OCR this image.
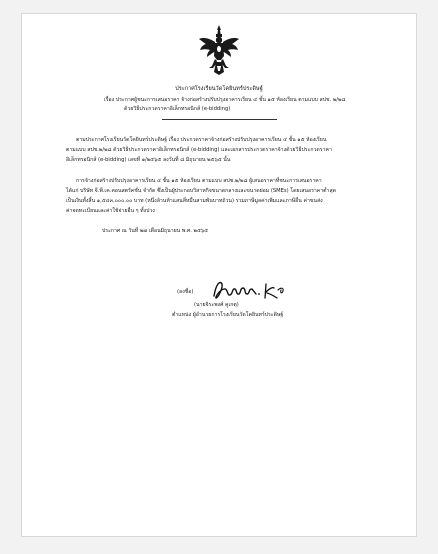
ประกาศโรงเรียนวัดโคยินทร์ประดิษฐ์
เรื่อง ประกาศผู้ชนะการเสนอราคา จ้างก่อสร้างปรับปรุงอาคารเรียน ๔ ชั้น ๑๕ ห้องเรียน ตามแบบ สปช. ๒/๒๘
ด้วยวิธีประกวดราคาอิเล็กทรอนิกส์ (e-bidding)
ตามประกาศโรงเรียนวัดโคยินทร์ประดิษฐ์ เรื่อง ประกวดราคาจ้างก่อสร้างปรับปรุงอาคารเรียน ๔ ชั้น ๑๕ ห้องเรียน
ตามแบบ สปช.๒/๒๘ ด้วยวิธีประกวดราคาอิเล็กทรอนิกส์ (e-bidding) และเอกสารประกวดราคาจ้างด้วยวิธีประกวดราคา
อิเล็กทรอนิกส์ (e-bidding) เลขที่ ๑/๒๕๖๕ ลงวันที่ ๘ มิถุนายน ๒๕๖๕ นั้น
การจ้างก่อสร้างปรับปรุงอาคารเรียน ๔ ชั้น ๑๕ ห้องเรียน ตามแบบ สปช.๒/๒๘ ผู้เสนอราคาที่ชนะการเสนอราคา
ได้แก่ บริษัท จี.พี.เค.คอนสตรัคชั่น จำกัด ซึ่งเป็นผู้ประกอบวิสาหกิจขนาดกลางและขนาดย่อม (SMEs) โดยเสนอราคาต่ำสุด
เป็นเงินทั้งสิ้น ๑,๕๔๓,๐๐๐.๐๐ บาท (หนึ่งล้านห้าแสนสี่หมื่นสามพันบาทถ้วน) รวมภาษีมูลค่าเพิ่มและภาษีอื่น ค่าขนส่ง
ค่าจดทะเบียนและค่าใช้จ่ายอื่น ๆ ทั้งปวง
ประกาศ ณ วันที่ ๒๗ เดือนมิถุนายน พ.ศ. ๒๕๖๕
(ลงชื่อ)
(นายจิระพงศ์ คูเกตุ)
ตำแหน่ง ผู้อำนวยการโรงเรียนวัดโคยินทร์ประดิษฐ์
